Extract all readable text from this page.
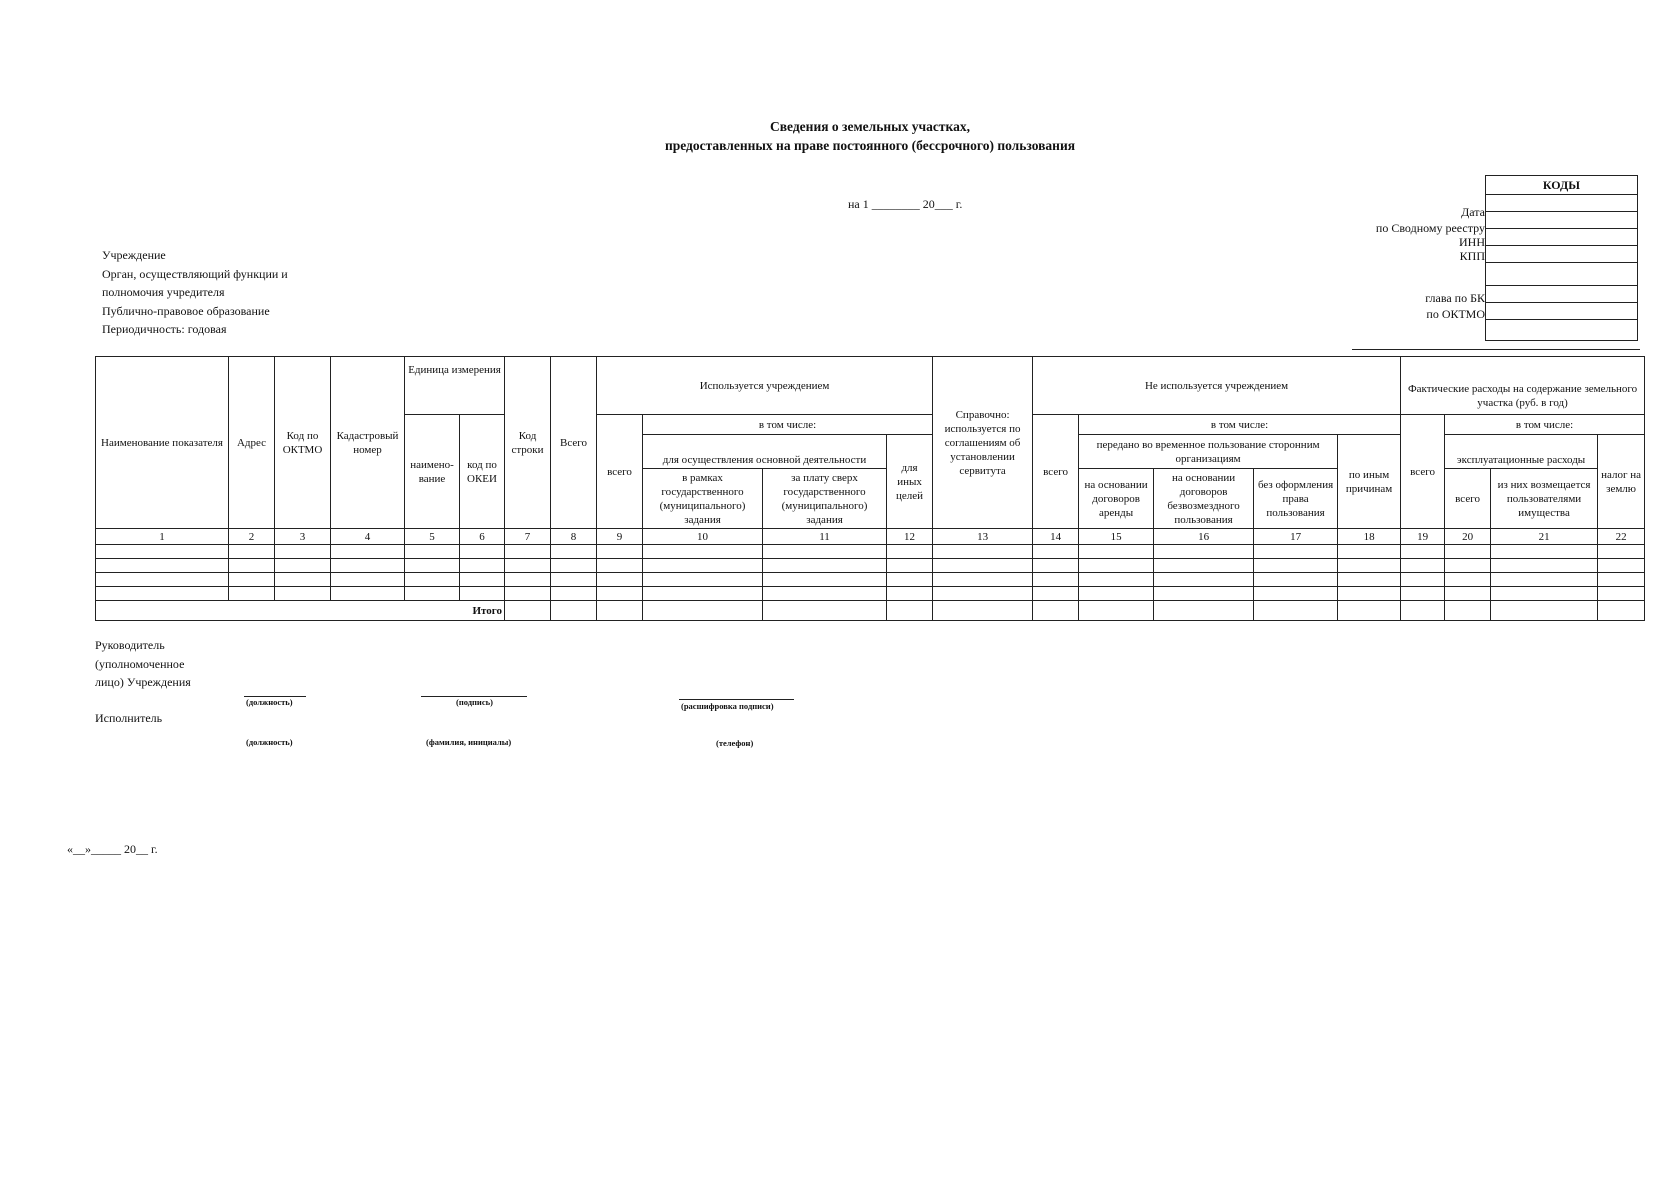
Сведения о земельных участках,
предоставленных на праве постоянного (бессрочного) пользования
на 1 ________ 20___ г.
КОДЫ

Дата
по Сводному реестру
ИНН
КПП
глава по БК
по ОКТМО
Учреждение
Орган, осуществляющий функции и
полномочия учредителя
Публично-правовое образование
Периодичность: годовая
Наименование показателя	Адрес	Код по ОКТМО	Кадастровый номер	Единица измерения		Код строки	Всего	Используется учреждением				Справочно: используется по соглашениям об установлении сервитута	Не используется учреждением					Фактические расходы на содержание земельного участка (руб. в год)			
				наимено-вание	код по ОКЕИ			всего	в том числе:				всего	в том числе:				всего	в том числе:		
									для осуществления основной деятельности		для иных целей			передано во временное пользование сторонним организациям			по иным причинам		эксплуатационные расходы		налог на землю
									в рамках государственного (муниципального) задания	за плату сверх государственного (муниципального) задания				на основании договоров аренды	на основании договоров безвозмездного пользования	без оформления права пользования			всего	из них возмещается пользователями имущества	
1	2	3	4	5	6	7	8	9	10	11	12	13	14	15	16	17	18	19	20	21	22

Итого																					
Руководитель
(уполномоченное
лицо) Учреждения
(должность)	(подпись)	(расшифровка подписи)
Исполнитель
(должность)	(фамилия, инициалы)	(телефон)
«__»_____ 20__ г.
